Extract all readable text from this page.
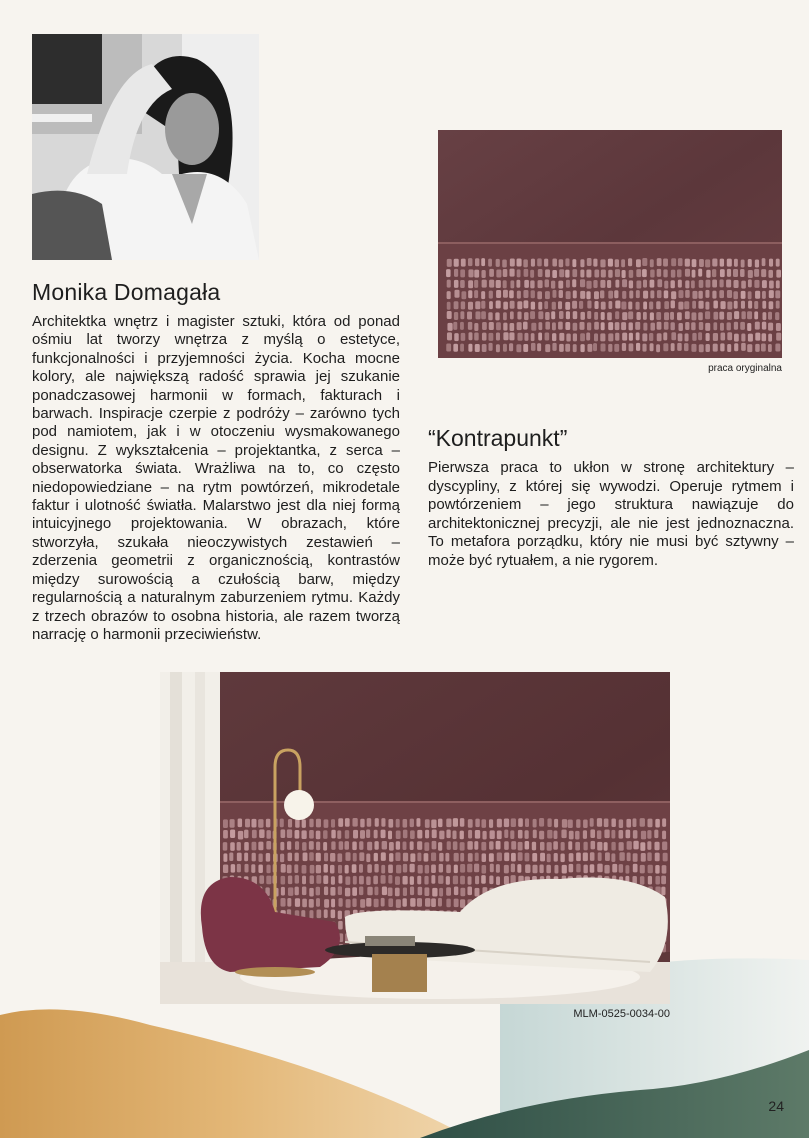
praca oryginalna
Monika Domagała
Architektka wnętrz i magister sztuki, która od ponad ośmiu lat tworzy wnętrza z myślą o estetyce, funkcjonalności i przyjemności życia. Kocha mocne kolory, ale największą radość sprawia jej szukanie ponadczasowej harmonii w formach, fakturach i barwach. Inspiracje czerpie z podróży – zarówno tych pod namiotem, jak i w otoczeniu wysmakowanego designu. Z wykształcenia – projektantka, z serca – obserwatorka świata. Wrażliwa na to, co często niedopowiedziane – na rytm powtórzeń, mikrodetale faktur i ulotność światła. Malarstwo jest dla niej formą intuicyjnego projektowania. W obrazach, które stworzyła, szukała nieoczywistych zestawień – zderzenia geometrii z organicznością, kontrastów między surowością a czułością barw, między regularnością a naturalnym zaburzeniem rytmu. Każdy z trzech obrazów to osobna historia, ale razem tworzą narrację o harmonii przeciwieństw.
“Kontrapunkt”
Pierwsza praca to ukłon w stronę architektury – dyscypliny, z której się wywodzi. Operuje rytmem i powtórzeniem – jego struktura nawiązuje do architektonicznej precyzji, ale nie jest jednoznaczna. To metafora porządku, który nie musi być sztywny – może być rytuałem, a nie rygorem.
MLM-0525-0034-00
24
